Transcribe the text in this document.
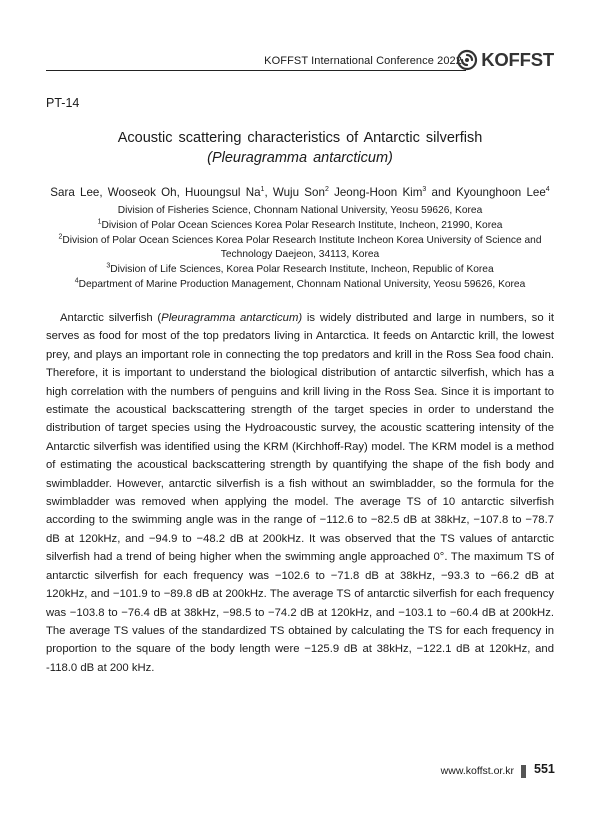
KOFFST International Conference 2022 KOFFST
PT-14
Acoustic scattering characteristics of Antarctic silverfish
(Pleuragramma antarcticum)
Sara Lee, Wooseok Oh, Huoungsul Na$^1$, Wuju Son$^2$ Jeong-Hoon Kim$^3$ and Kyounghoon Lee$^4$
Division of Fisheries Science, Chonnam National University, Yeosu 59626, Korea
$^1$Division of Polar Ocean Sciences Korea Polar Research Institute, Incheon, 21990, Korea
$^2$Division of Polar Ocean Sciences Korea Polar Research Institute Incheon Korea University of Science and Technology Daejeon, 34113, Korea
$^3$Division of Life Sciences, Korea Polar Research Institute, Incheon, Republic of Korea
$^4$Department of Marine Production Management, Chonnam National University, Yeosu 59626, Korea
Antarctic silverfish (Pleuragramma antarcticum) is widely distributed and large in numbers, so it serves as food for most of the top predators living in Antarctica. It feeds on Antarctic krill, the lowest prey, and plays an important role in connecting the top predators and krill in the Ross Sea food chain. Therefore, it is important to understand the biological distribution of antarctic silverfish, which has a high correlation with the numbers of penguins and krill living in the Ross Sea. Since it is important to estimate the acoustical backscattering strength of the target species in order to understand the distribution of target species using the Hydroacoustic survey, the acoustic scattering intensity of the Antarctic silverfish was identified using the KRM (Kirchhoff-Ray) model. The KRM model is a method of estimating the acoustical backscattering strength by quantifying the shape of the fish body and swimbladder. However, antarctic silverfish is a fish without an swimbladder, so the formula for the swimbladder was removed when applying the model. The average TS of 10 antarctic silverfish according to the swimming angle was in the range of −112.6 to −82.5 dB at 38kHz, −107.8 to −78.7 dB at 120kHz, and −94.9 to −48.2 dB at 200kHz. It was observed that the TS values of antarctic silverfish had a trend of being higher when the swimming angle approached 0°. The maximum TS of antarctic silverfish for each frequency was −102.6 to −71.8 dB at 38kHz, −93.3 to −66.2 dB at 120kHz, and −101.9 to −89.8 dB at 200kHz. The average TS of antarctic silverfish for each frequency was −103.8 to −76.4 dB at 38kHz, −98.5 to −74.2 dB at 120kHz, and −103.1 to −60.4 dB at 200kHz. The average TS values of the standardized TS obtained by calculating the TS for each frequency in proportion to the square of the body length were −125.9 dB at 38kHz, −122.1 dB at 120kHz, and -118.0 dB at 200 kHz.
www.koffst.or.kr 551
